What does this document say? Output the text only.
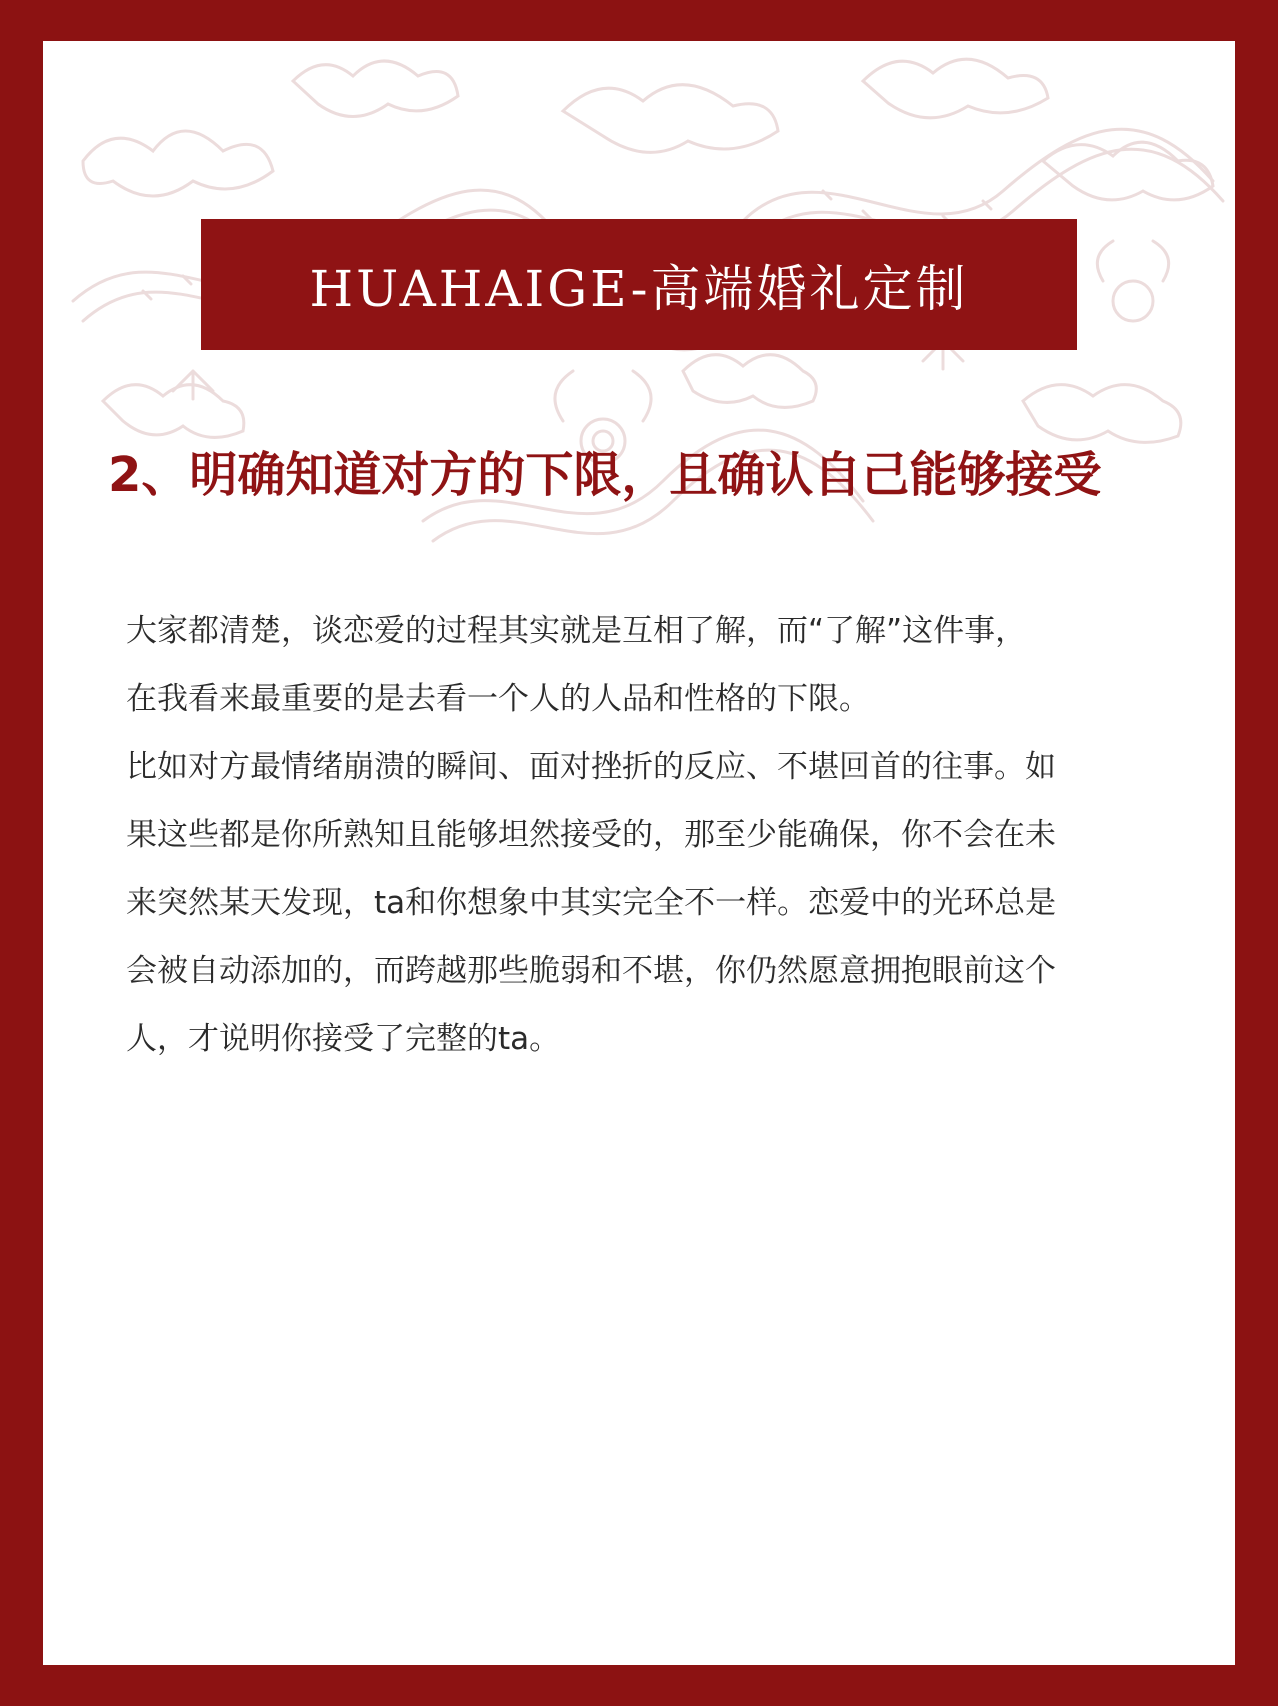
HUAHAIGE-高端婚礼定制
2、明确知道对方的下限，且确认自己能够接受
大家都清楚，谈恋爱的过程其实就是互相了解，而“了解”这件事，
在我看来最重要的是去看一个人的人品和性格的下限。
比如对方最情绪崩溃的瞬间、面对挫折的反应、不堪回首的往事。如
果这些都是你所熟知且能够坦然接受的，那至少能确保，你不会在未
来突然某天发现，ta和你想象中其实完全不一样。恋爱中的光环总是
会被自动添加的，而跨越那些脆弱和不堪，你仍然愿意拥抱眼前这个
人，才说明你接受了完整的ta。
